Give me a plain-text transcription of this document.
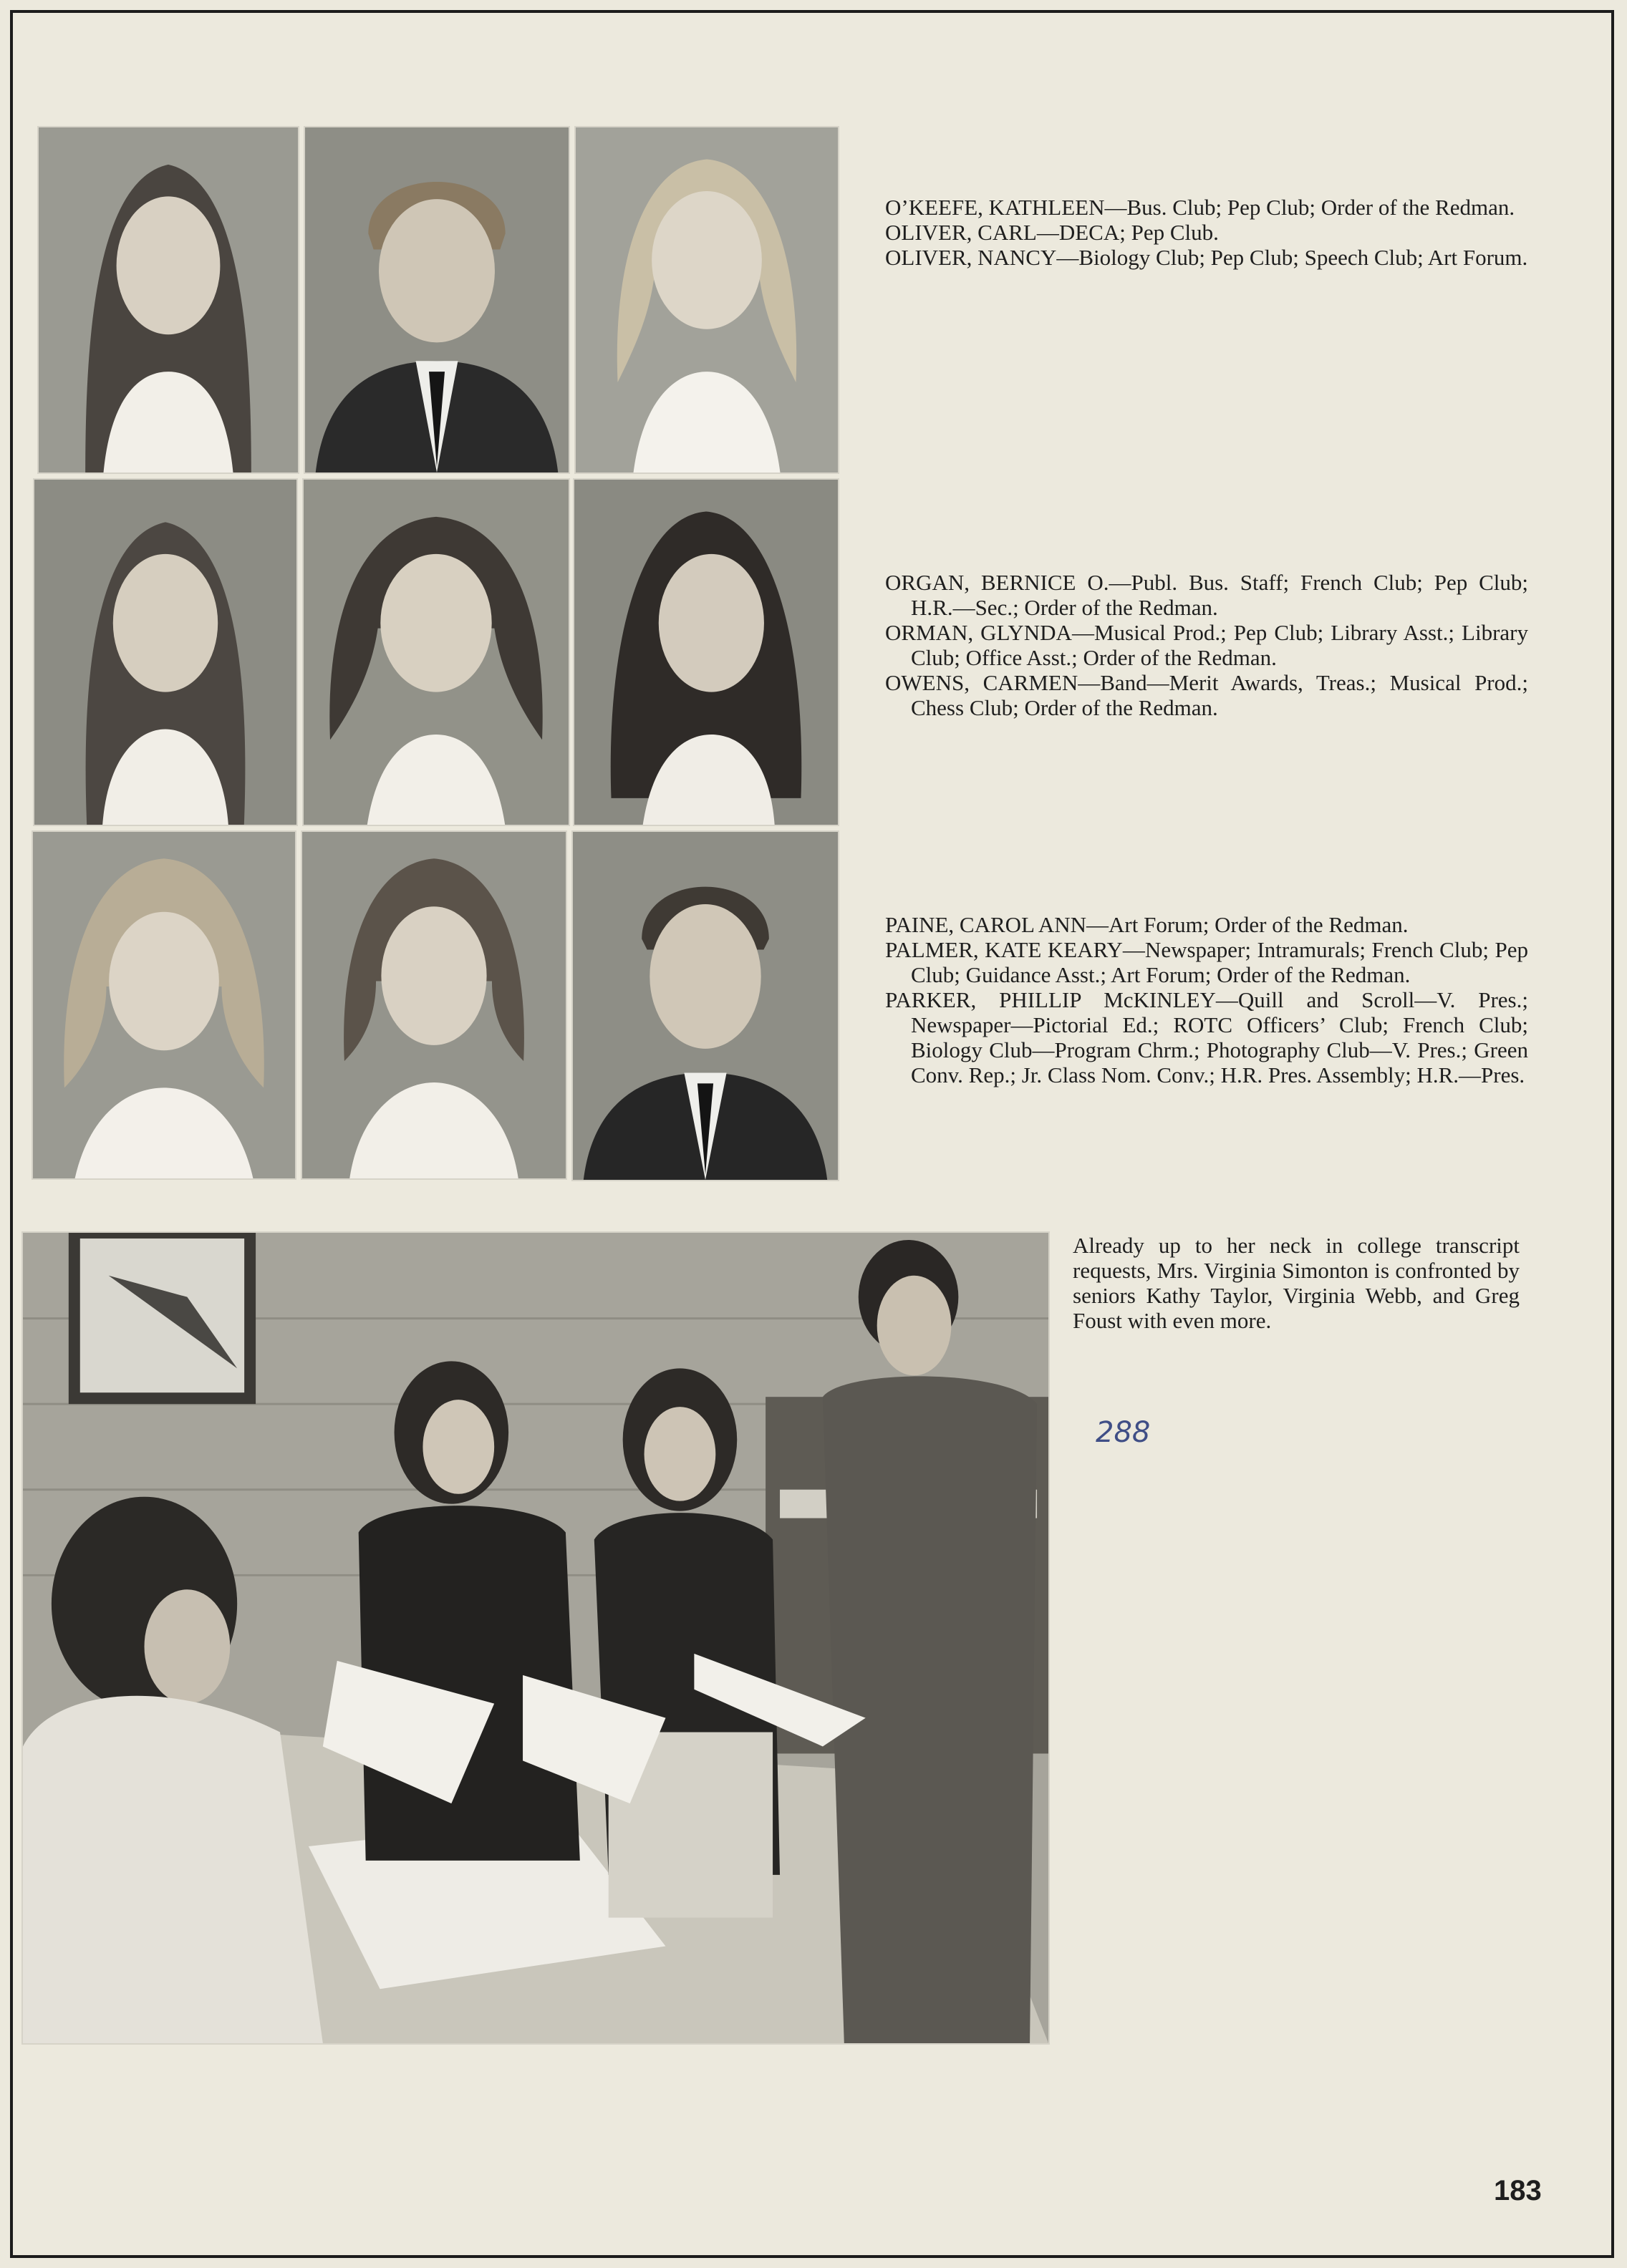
O’KEEFE, KATHLEEN—Bus. Club; Pep Club; Order of the Redman.

OLIVER, CARL—DECA; Pep Club.

OLIVER, NANCY—Biology Club; Pep Club; Speech Club; Art Forum.

ORGAN, BERNICE O.—Publ. Bus. Staff; French Club; Pep Club; H.R.—Sec.; Order of the Redman.

ORMAN, GLYNDA—Musical Prod.; Pep Club; Library Asst.; Library Club; Office Asst.; Order of the Redman.

OWENS, CARMEN—Band—Merit Awards, Treas.; Musical Prod.; Chess Club; Order of the Redman.

PAINE, CAROL ANN—Art Forum; Order of the Redman.

PALMER, KATE KEARY—Newspaper; Intramurals; French Club; Pep Club; Guidance Asst.; Art Forum; Order of the Redman.

PARKER, PHILLIP McKINLEY—Quill and Scroll—V. Pres.; Newspaper—Pictorial Ed.; ROTC Officers’ Club; French Club; Biology Club—Program Chrm.; Photography Club—V. Pres.; Green Conv. Rep.; Jr. Class Nom. Conv.; H.R. Pres. Assembly; H.R.—Pres.

Already up to her neck in college transcript requests, Mrs. Virginia Simonton is confronted by seniors Kathy Taylor, Virginia Webb, and Greg Foust with even more.

288
183
